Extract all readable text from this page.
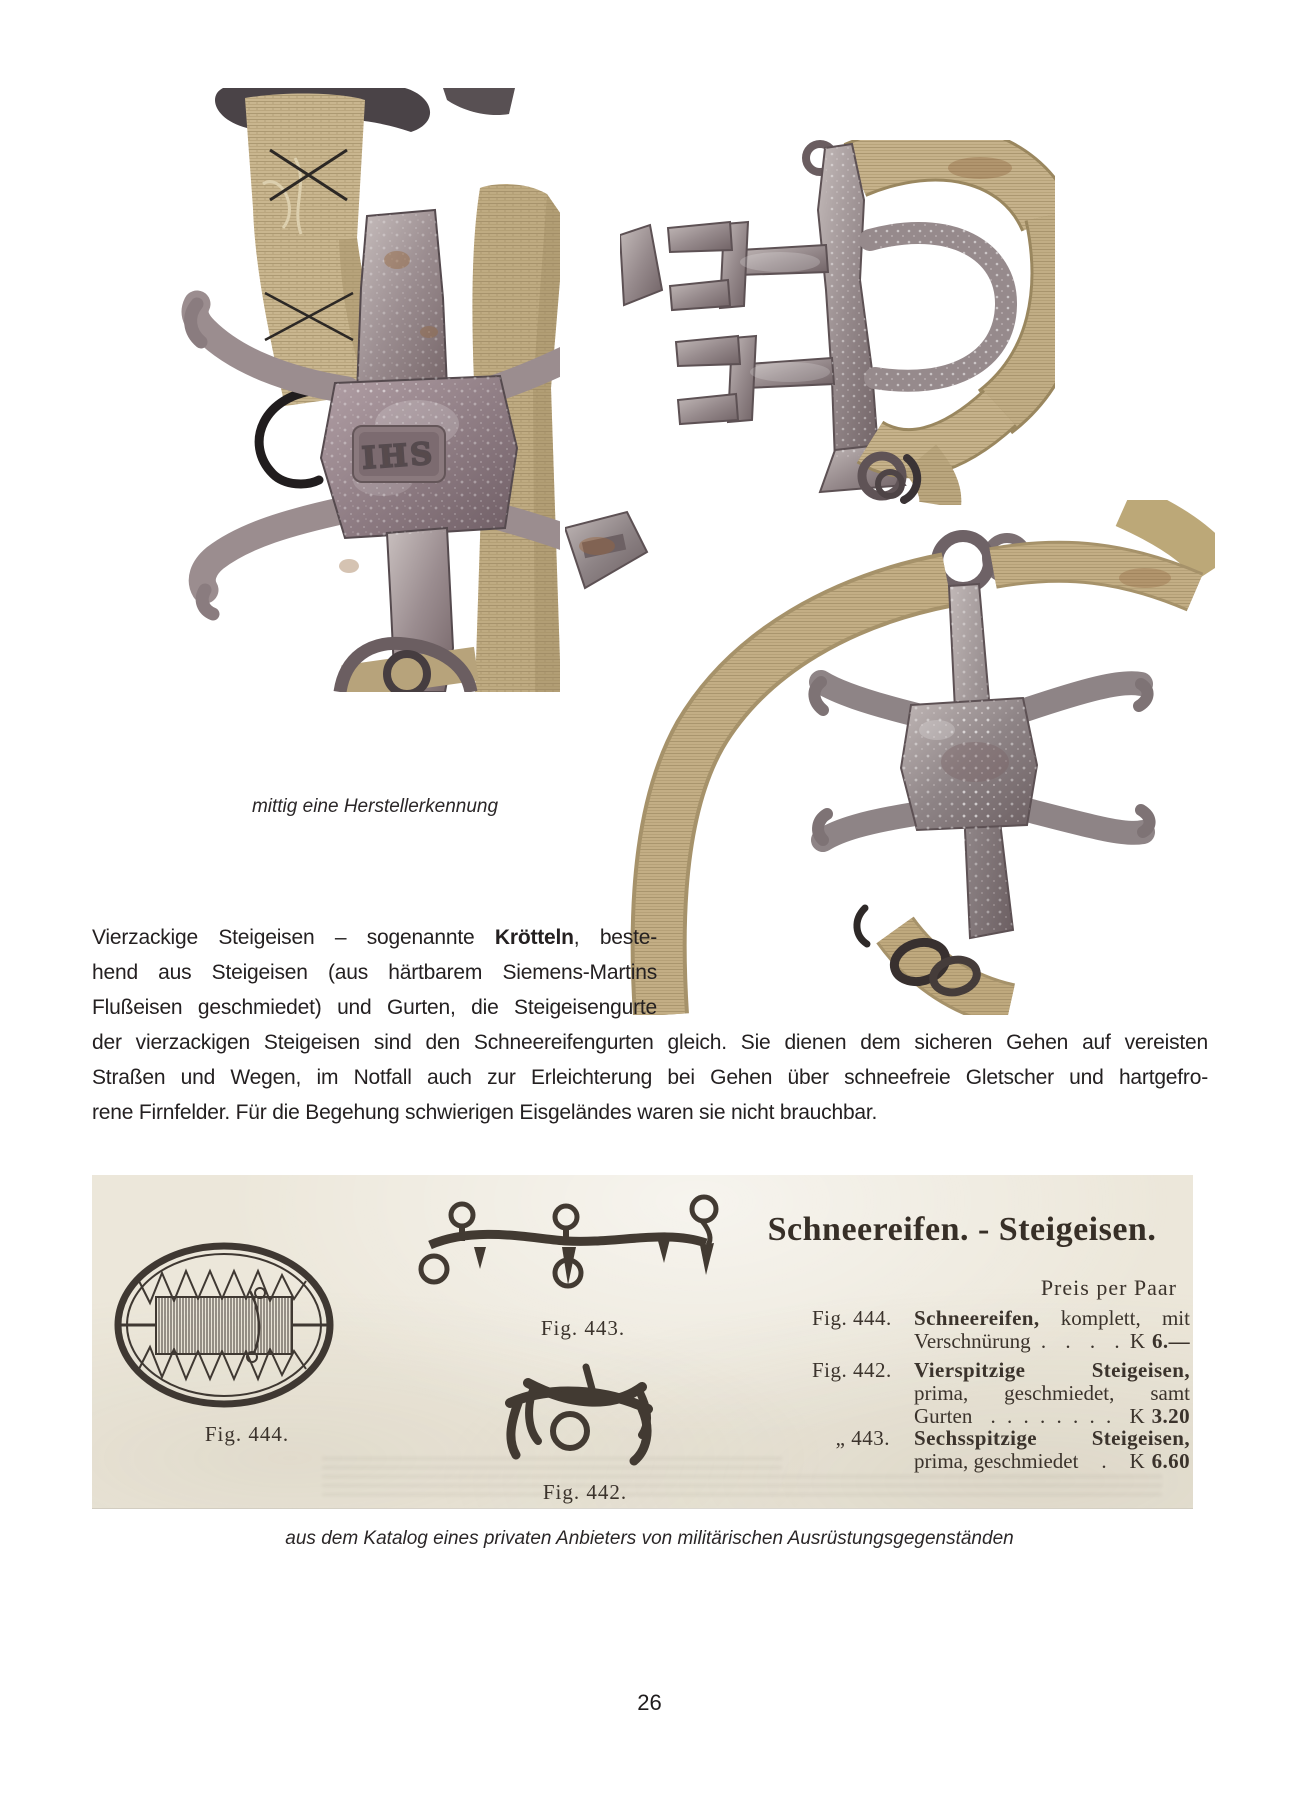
IHS
mittig eine Herstellerkennung
Vierzackige Steigeisen – sogenannte Krötteln, beste-
hend aus Steigeisen (aus härtbarem Siemens-Martins
Flußeisen geschmiedet) und Gurten, die Steigeisengurte
der vierzackigen Steigeisen sind den Schneereifengurten gleich. Sie dienen dem sicheren Gehen auf vereisten
Straßen und Wegen, im Notfall auch zur Erleichterung bei Gehen über schneefreie Gletscher und hartgefro-
rene Firnfelder. Für die Begehung schwierigen Eisgeländes waren sie nicht brauchbar.
Fig. 444.
Fig. 443.
Fig. 442.
Schneereifen. - Steigeisen.
Preis per Paar
Fig. 444.	Schneereifen, komplett, mit
Verschnürung . . . . K 6.—
Fig. 442.	Vierspitzige	Steigeisen,
prima, geschmiedet, samt
Gurten . . . . . . . . K 3.20
„ 443.	Sechsspitzige	Steigeisen,
prima, geschmiedet . K 6.60
aus dem Katalog eines privaten Anbieters von militärischen Ausrüstungsgegenständen
26
